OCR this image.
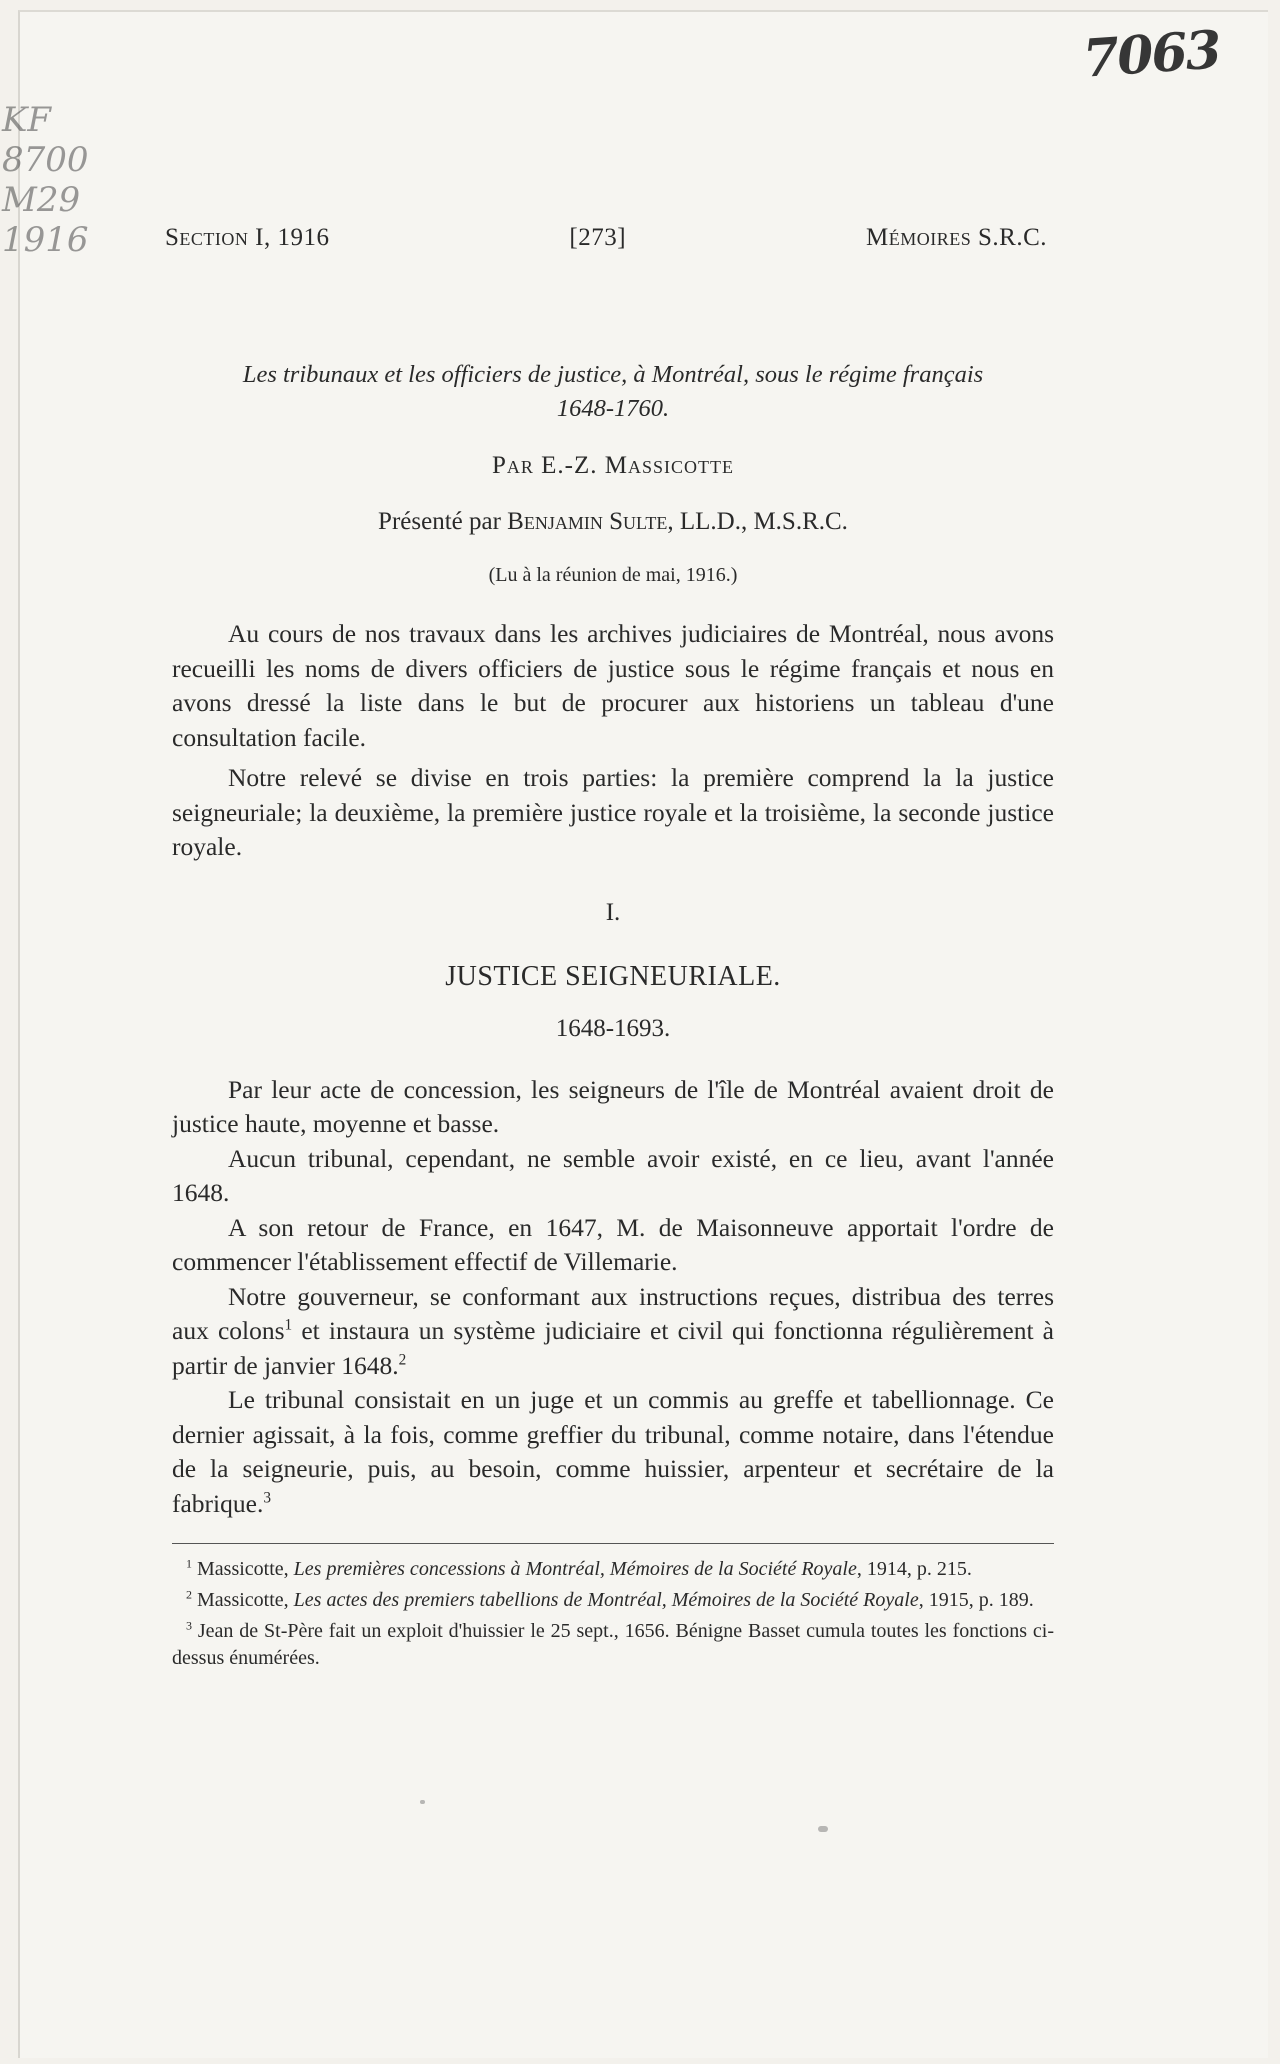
7063
KF
8700
M29
1916	Section I, 1916	[273]	Mémoires S.R.C.

Les tribunaux et les officiers de justice, à Montréal, sous le régime français
1648-1760.

Par E.-Z. Massicotte

Présenté par Benjamin Sulte, LL.D., M.S.R.C.

(Lu à la réunion de mai, 1916.)

Au cours de nos travaux dans les archives judiciaires de Montréal, nous avons recueilli les noms de divers officiers de justice sous le régime français et nous en avons dressé la liste dans le but de procurer aux historiens un tableau d'une consultation facile.

Notre relevé se divise en trois parties: la première comprend la la justice seigneuriale; la deuxième, la première justice royale et la troisième, la seconde justice royale.

I.

JUSTICE SEIGNEURIALE.

1648-1693.

Par leur acte de concession, les seigneurs de l'île de Montréal avaient droit de justice haute, moyenne et basse.

Aucun tribunal, cependant, ne semble avoir existé, en ce lieu, avant l'année 1648.

A son retour de France, en 1647, M. de Maisonneuve apportait l'ordre de commencer l'établissement effectif de Villemarie.

Notre gouverneur, se conformant aux instructions reçues, distribua des terres aux colons$^1$ et instaura un système judiciaire et civil qui fonctionna régulièrement à partir de janvier 1648.$^2$

Le tribunal consistait en un juge et un commis au greffe et tabellionnage. Ce dernier agissait, à la fois, comme greffier du tribunal, comme notaire, dans l'étendue de la seigneurie, puis, au besoin, comme huissier, arpenteur et secrétaire de la fabrique.$^3$

$^1$ Massicotte, Les premières concessions à Montréal, Mémoires de la Société Royale, 1914, p. 215.

$^2$ Massicotte, Les actes des premiers tabellions de Montréal, Mémoires de la Société Royale, 1915, p. 189.

$^3$ Jean de St-Père fait un exploit d'huissier le 25 sept., 1656. Bénigne Basset cumula toutes les fonctions ci-dessus énumérées.
